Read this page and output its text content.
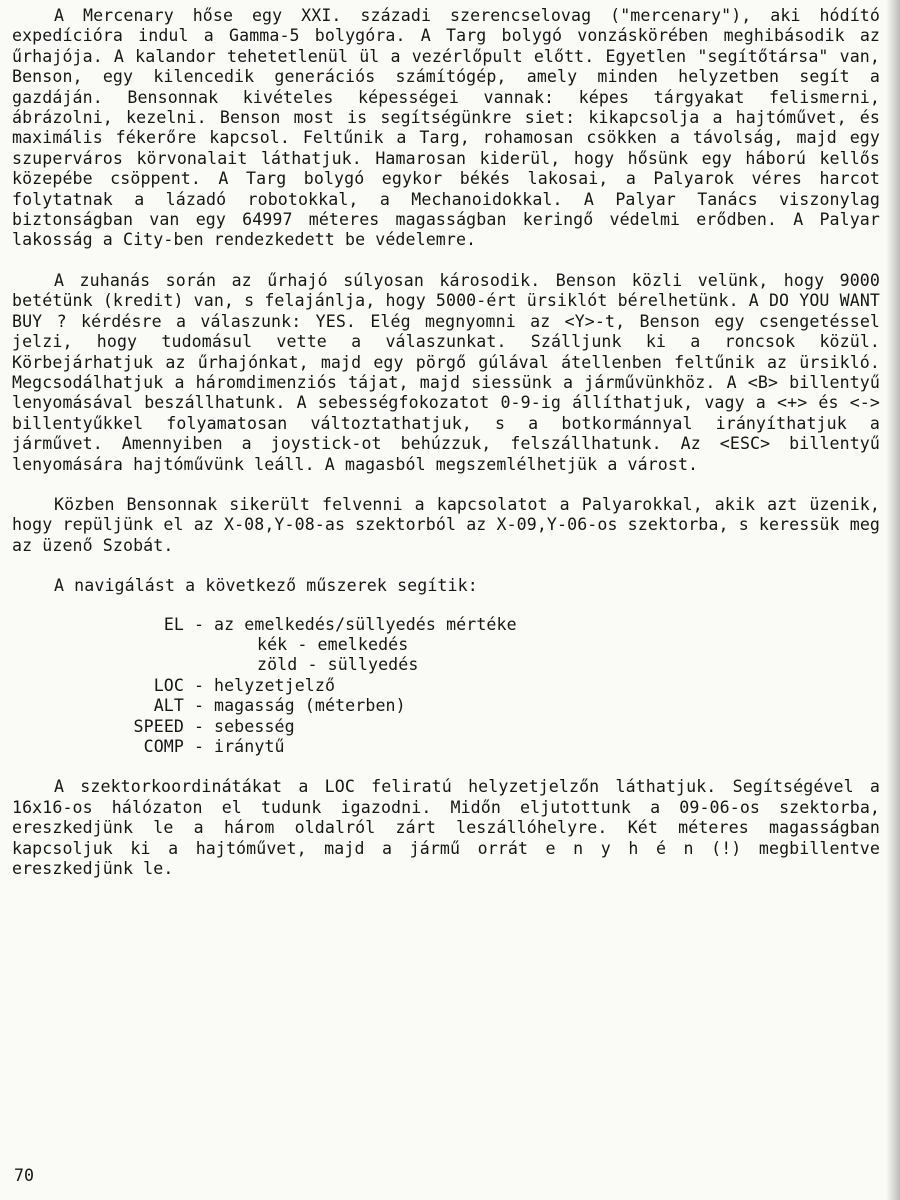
A Mercenary hőse egy XXI. századi szerencselovag ("mercenary"), aki hódító expedícióra indul a Gamma-5 bolygóra. A Targ bolygó vonzáskörében meghibásodik az űrhajója. A kalandor tehetetlenül ül a vezérlőpult előtt. Egyetlen "segítőtársa" van, Benson, egy kilencedik generációs számítógép, amely minden helyzetben segít a gazdáján. Bensonnak kivételes képességei vannak: képes tárgyakat felismerni, ábrázolni, kezelni. Benson most is segítségünkre siet: kikapcsolja a hajtóművet, és maximális fékerőre kapcsol. Feltűnik a Targ, rohamosan csökken a távolság, majd egy szuperváros körvonalait láthatjuk. Hamarosan kiderül, hogy hősünk egy háború kellős közepébe csöppent. A Targ bolygó egykor békés lakosai, a Palyarok véres harcot folytatnak a lázadó robotokkal, a Mechanoidokkal. A Palyar Tanács viszonylag biztonságban van egy 64997 méteres magasságban keringő védelmi erődben. A Palyar lakosság a City-ben rendezkedett be védelemre.

A zuhanás során az űrhajó súlyosan károsodik. Benson közli velünk, hogy 9000 betétünk (kredit) van, s felajánlja, hogy 5000-ért ürsiklót bérelhetünk. A DO YOU WANT BUY ? kérdésre a válaszunk: YES. Elég megnyomni az <Y>-t, Benson egy csengetéssel jelzi, hogy tudomásul vette a válaszunkat. Szálljunk ki a roncsok közül. Körbejárhatjuk az űrhajónkat, majd egy pörgő gúlával átellenben feltűnik az ürsikló. Megcsodálhatjuk a háromdimenziós tájat, majd siessünk a járművünkhöz. A <B> billentyű lenyomásával beszállhatunk. A sebességfokozatot 0-9-ig állíthatjuk, vagy a <+> és <-> billentyűkkel folyamatosan változtathatjuk, s a botkormánnyal irányíthatjuk a járművet. Amennyiben a joystick-ot behúzzuk, felszállhatunk. Az <ESC> billentyű lenyomására hajtóművünk leáll. A magasból megszemlélhetjük a várost.

Közben Bensonnak sikerült felvenni a kapcsolatot a Palyarokkal, akik azt üzenik, hogy repüljünk el az X-08,Y-08-as szektorból az X-09,Y-06-os szektorba, s keressük meg az üzenő Szobát.

A navigálást a következő műszerek segítik:
EL - az emelkedés/süllyedés mértéke
kék - emelkedés
zöld - süllyedés
LOC - helyzetjelző
ALT - magasság (méterben)
SPEED - sebesség
COMP - iránytű

A szektorkoordinátákat a LOC feliratú helyzetjelzőn láthatjuk. Segítségével a 16x16-os hálózaton el tudunk igazodni. Midőn eljutottunk a 09-06-os szektorba, ereszkedjünk le a három oldalról zárt leszállóhelyre. Két méteres magasságban kapcsoljuk ki a hajtóművet, majd a jármű orrát e n y h é n (!) megbillentve ereszkedjünk le.

70
